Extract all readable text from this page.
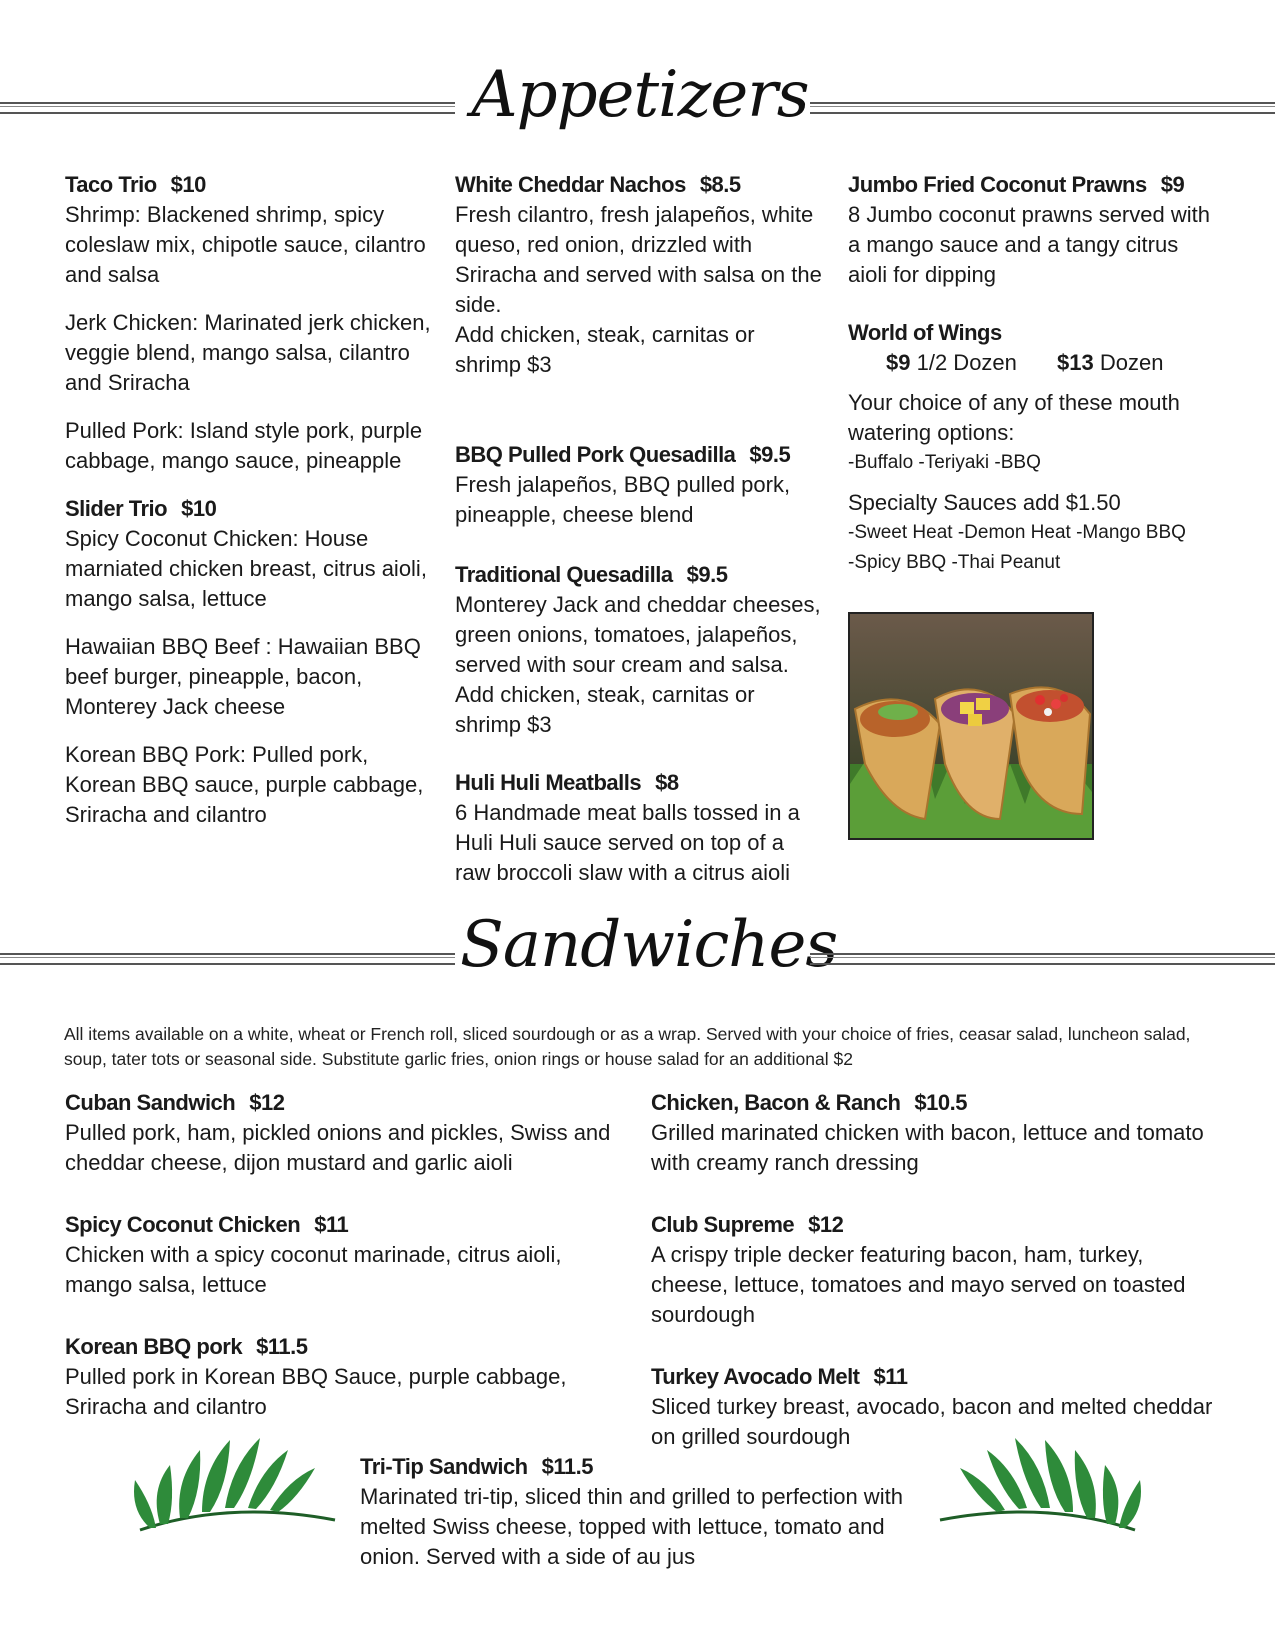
Appetizers
Taco Trio $10

Shrimp: Blackened shrimp, spicy coleslaw mix, chipotle sauce, cilantro and salsa

Jerk Chicken: Marinated jerk chicken, veggie blend, mango salsa, cilantro and Sriracha

Pulled Pork: Island style pork, purple cabbage, mango sauce, pineapple

Slider Trio $10

Spicy Coconut Chicken: House marniated chicken breast, citrus aioli, mango salsa, lettuce

Hawaiian BBQ Beef : Hawaiian BBQ beef burger, pineapple, bacon, Monterey Jack cheese

Korean BBQ Pork: Pulled pork, Korean BBQ sauce, purple cabbage, Sriracha and cilantro

White Cheddar Nachos $8.5
Fresh cilantro, fresh jalapeños, white queso, red onion, drizzled with Sriracha and served with salsa on the side.
Add chicken, steak, carnitas or shrimp $3
BBQ Pulled Pork Quesadilla $9.5
Fresh jalapeños, BBQ pulled pork, pineapple, cheese blend
Traditional Quesadilla $9.5
Monterey Jack and cheddar cheeses, green onions, tomatoes, jalapeños, served with sour cream and salsa.
Add chicken, steak, carnitas or shrimp $3
Huli Huli Meatballs $8
6 Handmade meat balls tossed in a Huli Huli sauce served on top of a raw broccoli slaw with a citrus aioli
Jumbo Fried Coconut Prawns $9
8 Jumbo coconut prawns served with a mango sauce and a tangy citrus aioli for dipping
World of Wings
$9 1/2 Dozen $13 Dozen
Your choice of any of these mouth watering options:
-Buffalo -Teriyaki -BBQ
Specialty Sauces add $1.50
-Sweet Heat -Demon Heat -Mango BBQ
-Spicy BBQ -Thai Peanut
Sandwiches
All items available on a white, wheat or French roll, sliced sourdough or as a wrap. Served with your choice of fries, ceasar salad, luncheon salad, soup, tater tots or seasonal side. Substitute garlic fries, onion rings or house salad for an additional $2
Cuban Sandwich $12
Pulled pork, ham, pickled onions and pickles, Swiss and cheddar cheese, dijon mustard and garlic aioli
Spicy Coconut Chicken $11
Chicken with a spicy coconut marinade, citrus aioli, mango salsa, lettuce
Korean BBQ pork $11.5
Pulled pork in Korean BBQ Sauce, purple cabbage, Sriracha and cilantro
Chicken, Bacon & Ranch $10.5
Grilled marinated chicken with bacon, lettuce and tomato with creamy ranch dressing
Club Supreme $12
A crispy triple decker featuring bacon, ham, turkey, cheese, lettuce, tomatoes and mayo served on toasted sourdough
Turkey Avocado Melt $11
Sliced turkey breast, avocado, bacon and melted cheddar on grilled sourdough
Tri-Tip Sandwich $11.5
Marinated tri-tip, sliced thin and grilled to perfection with melted Swiss cheese, topped with lettuce, tomato and onion. Served with a side of au jus
